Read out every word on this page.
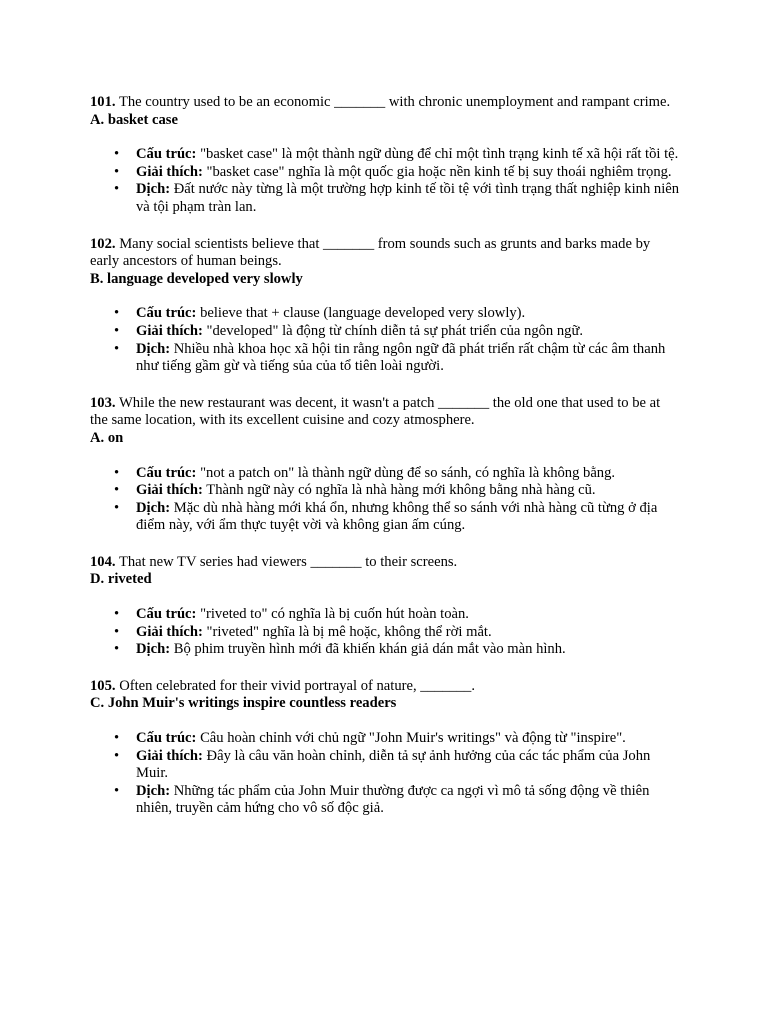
101. The country used to be an economic _______ with chronic unemployment and rampant crime.

A. basket case

• Cấu trúc: "basket case" là một thành ngữ dùng để chỉ một tình trạng kinh tế xã hội rất tồi tệ.
• Giải thích: "basket case" nghĩa là một quốc gia hoặc nền kinh tế bị suy thoái nghiêm trọng.
• Dịch: Đất nước này từng là một trường hợp kinh tế tồi tệ với tình trạng thất nghiệp kinh niên và tội phạm tràn lan.

102. Many social scientists believe that _______ from sounds such as grunts and barks made by early ancestors of human beings.

B. language developed very slowly

• Cấu trúc: believe that + clause (language developed very slowly).
• Giải thích: "developed" là động từ chính diễn tả sự phát triển của ngôn ngữ.
• Dịch: Nhiều nhà khoa học xã hội tin rằng ngôn ngữ đã phát triển rất chậm từ các âm thanh như tiếng gầm gừ và tiếng sủa của tổ tiên loài người.

103. While the new restaurant was decent, it wasn't a patch _______ the old one that used to be at the same location, with its excellent cuisine and cozy atmosphere.

A. on

• Cấu trúc: "not a patch on" là thành ngữ dùng để so sánh, có nghĩa là không bằng.
• Giải thích: Thành ngữ này có nghĩa là nhà hàng mới không bằng nhà hàng cũ.
• Dịch: Mặc dù nhà hàng mới khá ổn, nhưng không thể so sánh với nhà hàng cũ từng ở địa điểm này, với ẩm thực tuyệt vời và không gian ấm cúng.

104. That new TV series had viewers _______ to their screens.

D. riveted

• Cấu trúc: "riveted to" có nghĩa là bị cuốn hút hoàn toàn.
• Giải thích: "riveted" nghĩa là bị mê hoặc, không thể rời mắt.
• Dịch: Bộ phim truyền hình mới đã khiến khán giả dán mắt vào màn hình.

105. Often celebrated for their vivid portrayal of nature, _______.

C. John Muir's writings inspire countless readers

• Cấu trúc: Câu hoàn chỉnh với chủ ngữ "John Muir's writings" và động từ "inspire".
• Giải thích: Đây là câu văn hoàn chỉnh, diễn tả sự ảnh hưởng của các tác phẩm của John Muir.
• Dịch: Những tác phẩm của John Muir thường được ca ngợi vì mô tả sống động về thiên nhiên, truyền cảm hứng cho vô số độc giả.
